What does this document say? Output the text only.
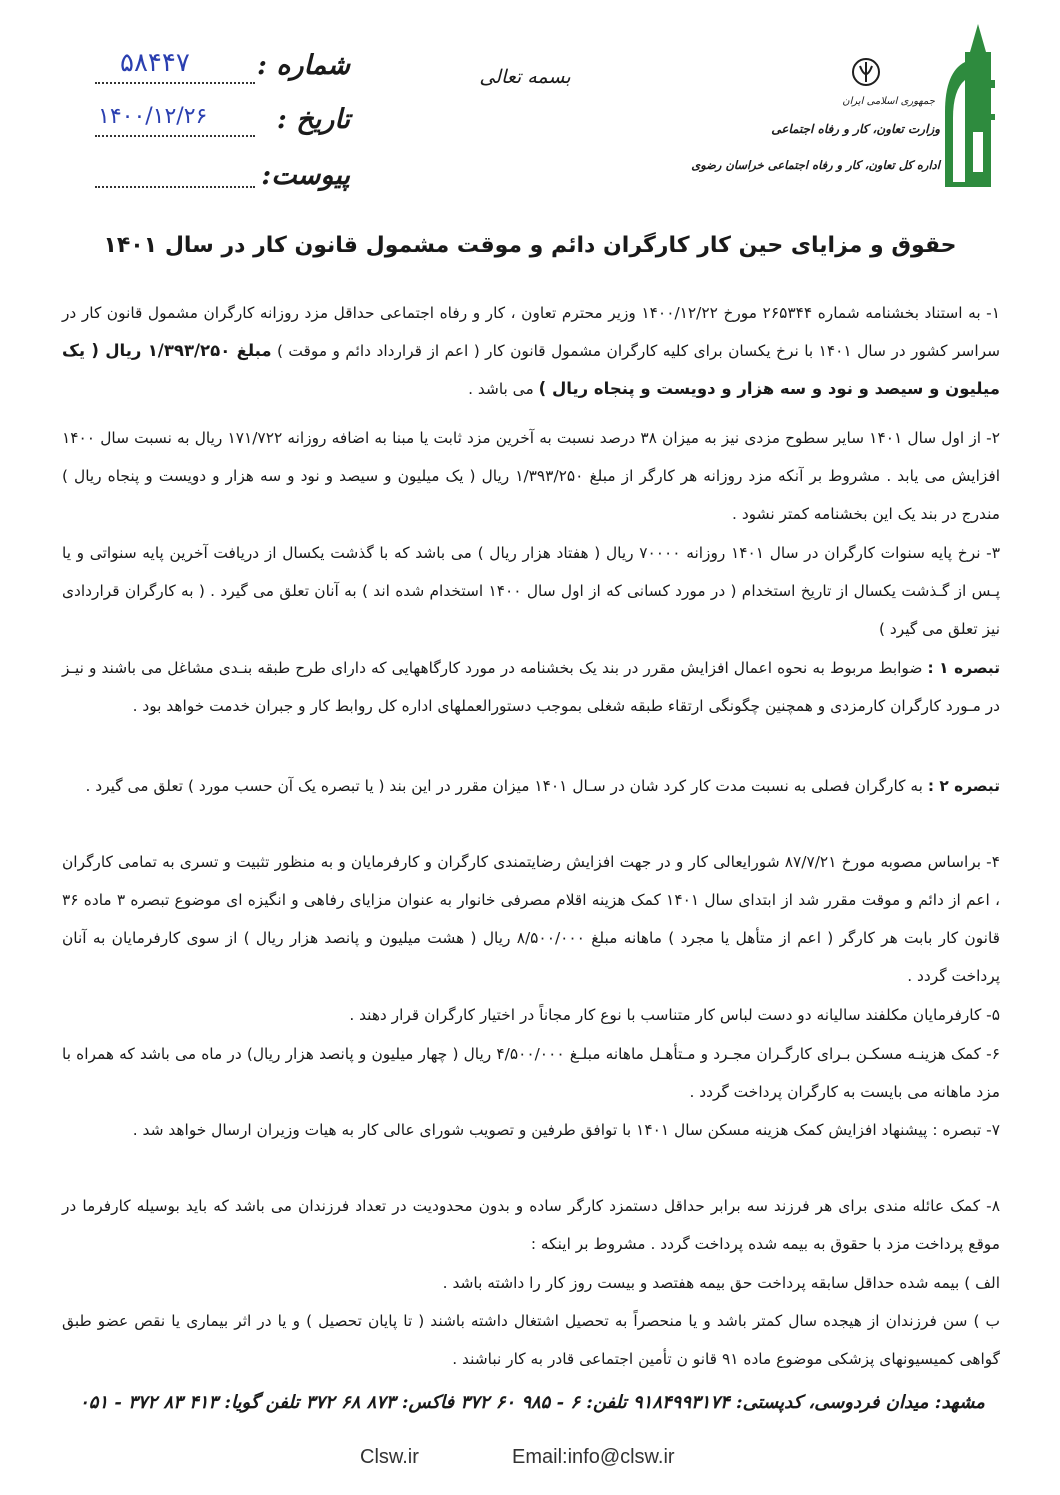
جمهوری اسلامی ایران
وزارت تعاون، کار و رفاه اجتماعی
اداره کل تعاون، کار و رفاه اجتماعی خراسان رضوی
بسمه تعالی
شماره :
۵۸۴۴۷
تاریخ :
۱۴۰۰/۱۲/۲۶
پیوست:
حقوق و مزایای حین کار کارگران دائم و موقت مشمول قانون کار در سال ۱۴۰۱
۱- به استناد بخشنامه شماره ۲۶۵۳۴۴ مورخ ۱۴۰۰/۱۲/۲۲ وزیر محترم تعاون ، کار و رفاه اجتماعی حداقل مزد روزانه کارگران مشمول قانون کار در سراسر کشور در سال ۱۴۰۱ با نرخ یکسان برای کلیه کارگران مشمول قانون کار ( اعم از قرارداد دائم و موقت ) مبلغ ۱/۳۹۳/۲۵۰ ریال ( یک میلیون و سیصد و نود و سه هزار و دویست و پنجاه ریال ) می باشد .
۲- از اول سال ۱۴۰۱ سایر سطوح مزدی نیز به میزان ۳۸ درصد نسبت به آخرین مزد ثابت یا مبنا به اضافه روزانه ۱۷۱/۷۲۲ ریال به نسبت سال ۱۴۰۰ افزایش می یابد . مشروط بر آنکه مزد روزانه هر کارگر از مبلغ ۱/۳۹۳/۲۵۰ ریال ( یک میلیون و سیصد و نود و سه هزار و دویست و پنجاه ریال ) مندرج در بند یک این بخشنامه کمتر نشود .
۳- نرخ پایه سنوات کارگران در سال ۱۴۰۱ روزانه ۷۰۰۰۰ ریال ( هفتاد هزار ریال ) می باشد که با گذشت یکسال از دریافت آخرین پایه سنواتی و یا پـس از گـذشت یکسال از تاریخ استخدام ( در مورد کسانی که از اول سال ۱۴۰۰ استخدام شده اند ) به آنان تعلق می گیرد . ( به کارگران قراردادی نیز تعلق می گیرد )
تبصره ۱ : ضوابط مربوط به نحوه اعمال افزایش مقرر در بند یک بخشنامه در مورد کارگاههایی که دارای طرح طبقه بنـدی مشاغل می باشند و نیـز در مـورد کارگران کارمزدی و همچنین چگونگی ارتقاء طبقه شغلی بموجب دستورالعملهای اداره کل روابط کار و جبران خدمت خواهد بود .
تبصره ۲ : به کارگران فصلی به نسبت مدت کار کرد شان در سـال ۱۴۰۱ میزان مقرر در این بند ( یا تبصره یک آن حسب مورد ) تعلق می گیرد .
۴- براساس مصوبه مورخ ۸۷/۷/۲۱ شورایعالی کار و در جهت افزایش رضایتمندی کارگران و کارفرمایان و به منظور تثبیت و تسری به تمامی کارگران ، اعم از دائم و موقت مقرر شد از ابتدای سال ۱۴۰۱ کمک هزینه اقلام مصرفی خانوار به عنوان مزایای رفاهی و انگیزه ای موضوع تبصره ۳ ماده ۳۶ قانون کار بابت هر کارگر ( اعم از متأهل یا مجرد ) ماهانه مبلغ ۸/۵۰۰/۰۰۰ ریال ( هشت میلیون و پانصد هزار ریال ) از سوی کارفرمایان به آنان پرداخت گردد .
۵- کارفرمایان مکلفند سالیانه دو دست لباس کار متناسب با نوع کار مجاناً در اختیار کارگران قرار دهند .
۶- کمک هزینـه مسکـن بـرای کارگـران مجـرد و مـتأهـل ماهانه مبلـغ ۴/۵۰۰/۰۰۰ ریال ( چهار میلیون و پانصد هزار ریال) در ماه می باشد که همراه با مزد ماهانه می بایست به کارگران پرداخت گردد .
۷- تبصره : پیشنهاد افزایش کمک هزینه مسکن سال ۱۴۰۱ با توافق طرفین و تصویب شورای عالی کار به هیات وزیران ارسال خواهد شد .
۸- کمک عائله مندی برای هر فرزند سه برابر حداقل دستمزد کارگر ساده و بدون محدودیت در تعداد فرزندان می باشد که باید بوسیله کارفرما در موقع پرداخت مزد با حقوق به بیمه شده پرداخت گردد . مشروط بر اینکه :
الف ) بیمه شده حداقل سابقه پرداخت حق بیمه هفتصد و بیست روز کار را داشته باشد .
ب ) سن فرزندان از هیجده سال کمتر باشد و یا منحصراً به تحصیل اشتغال داشته باشند ( تا پایان تحصیل ) و یا در اثر بیماری یا نقص عضو طبق گواهی کمیسیونهای پزشکی موضوع ماده ۹۱ قانو ن تأمین اجتماعی قادر به کار نباشند .
مشهد: میدان فردوسی، کدپستی: ۹۱۸۴۹۹۳۱۷۴ تلفن: ۶ - ۹۸۵ ۶۰ ۳۷۲ فاکس: ۸۷۳ ۶۸ ۳۷۲ تلفن گویا: ۴۱۳ ۸۳ ۳۷۲ - ۰۵۱
Clsw.ir	Email:info@clsw.ir
